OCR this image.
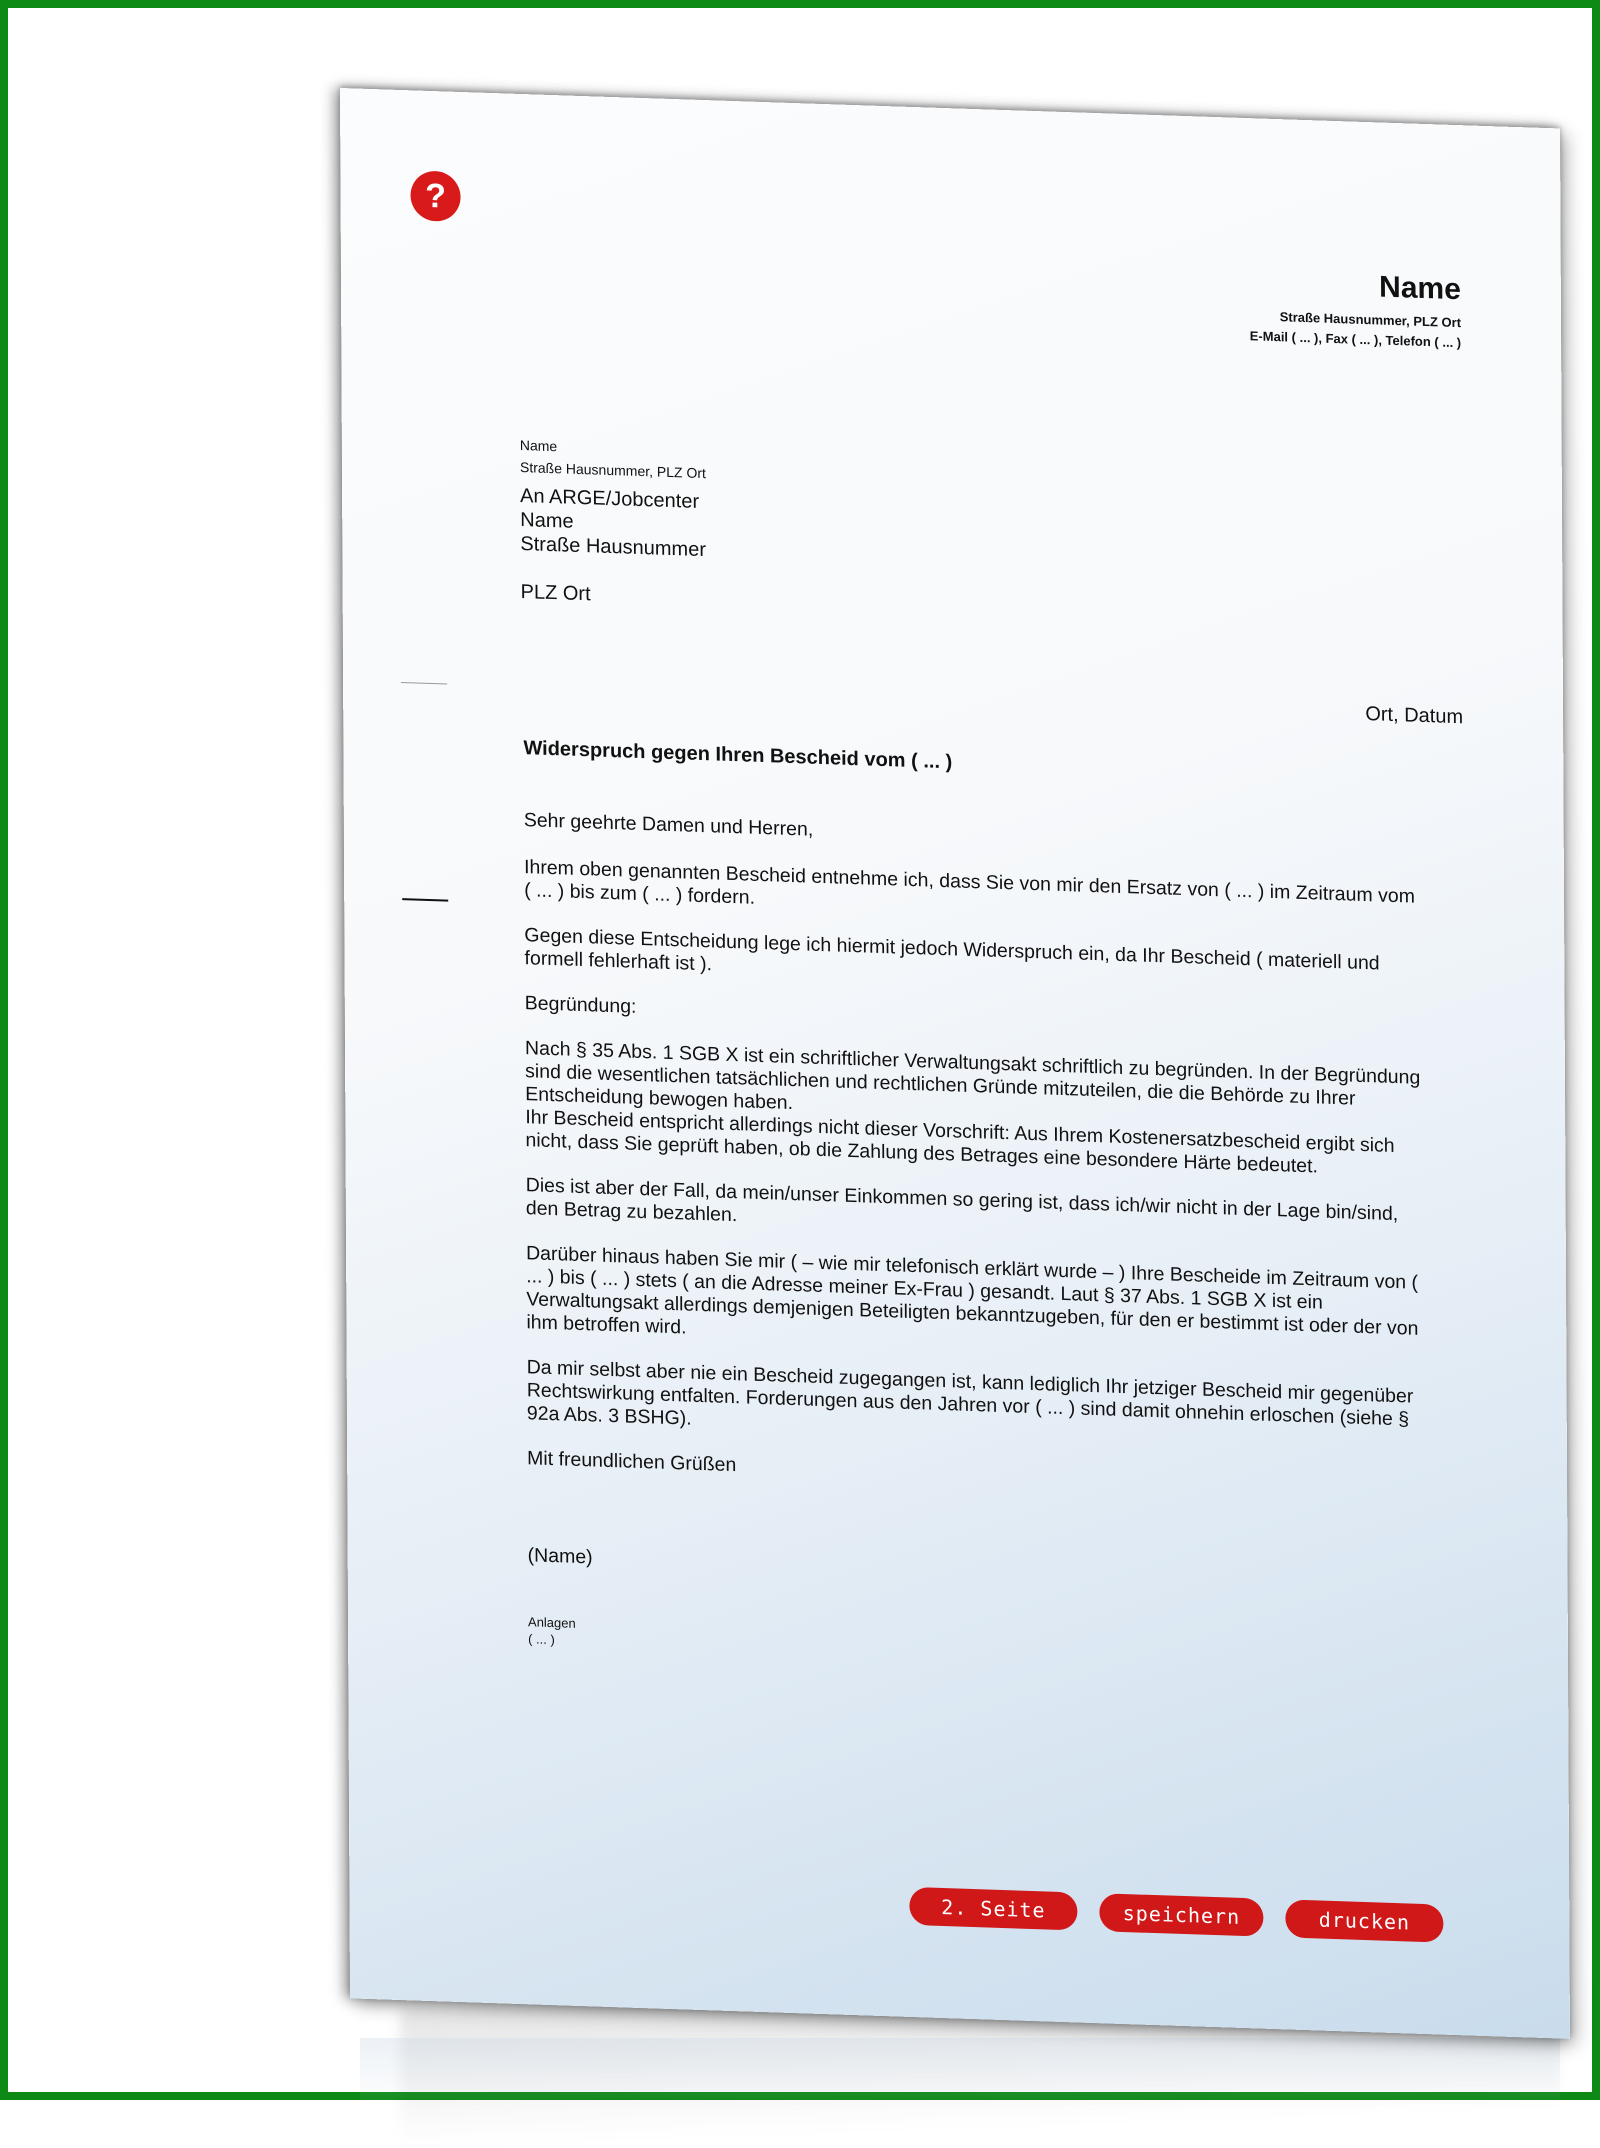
?
Name
Straße Hausnummer, PLZ Ort
E-Mail ( ... ), Fax ( ... ), Telefon ( ... )
Name
Straße Hausnummer, PLZ Ort
An ARGE/Jobcenter
Name
Straße Hausnummer
PLZ Ort
Ort, Datum
Widerspruch gegen Ihren Bescheid vom ( ... )

Sehr geehrte Damen und Herren,

Ihrem oben genannten Bescheid entnehme ich, dass Sie von mir den Ersatz von ( ... ) im Zeitraum vom ( ... ) bis zum ( ... ) fordern.

Gegen diese Entscheidung lege ich hiermit jedoch Widerspruch ein, da Ihr Bescheid ( materiell und formell fehlerhaft ist ).

Begründung:

Nach § 35 Abs. 1 SGB X ist ein schriftlicher Verwaltungsakt schriftlich zu begründen. In der Begründung sind die wesentlichen tatsächlichen und rechtlichen Gründe mitzuteilen, die die Behörde zu Ihrer Entscheidung bewogen haben.

Ihr Bescheid entspricht allerdings nicht dieser Vorschrift: Aus Ihrem Kostenersatzbescheid ergibt sich nicht, dass Sie geprüft haben, ob die Zahlung des Betrages eine besondere Härte bedeutet.

Dies ist aber der Fall, da mein/unser Einkommen so gering ist, dass ich/wir nicht in der Lage bin/sind, den Betrag zu bezahlen.

Darüber hinaus haben Sie mir ( – wie mir telefonisch erklärt wurde – ) Ihre Bescheide im Zeitraum von ( ... ) bis ( ... ) stets ( an die Adresse meiner Ex-Frau ) gesandt. Laut § 37 Abs. 1 SGB X ist ein Verwaltungsakt allerdings demjenigen Beteiligten bekanntzugeben, für den er bestimmt ist oder der von ihm betroffen wird.

Da mir selbst aber nie ein Bescheid zugegangen ist, kann lediglich Ihr jetziger Bescheid mir gegenüber Rechtswirkung entfalten. Forderungen aus den Jahren vor ( ... ) sind damit ohnehin erloschen (siehe § 92a Abs. 3 BSHG).

Mit freundlichen Grüßen

(Name)

Anlagen
( ... )
2. Seite	speichern	drucken
